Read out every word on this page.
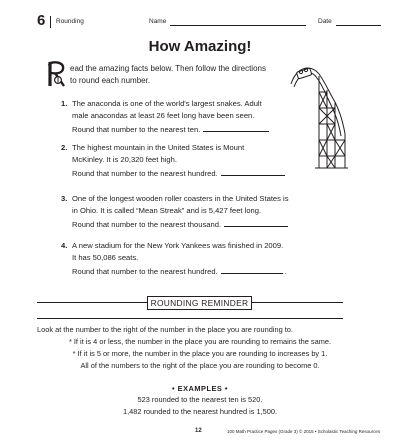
6 Rounding	Name	Date
How Amazing!
ead the amazing facts below. Then follow the directions
to round each number.
1. The anaconda is one of the world's largest snakes. Adult
male anacondas at least 26 feet long have been seen.
Round that number to the nearest ten.
2. The highest mountain in the United States is Mount
McKinley. It is 20,320 feet high.
Round that number to the nearest hundred.
3. One of the longest wooden roller coasters in the United States is
in Ohio. It is called “Mean Streak” and is 5,427 feet long.
Round that number to the nearest thousand.
4. A new stadium for the New York Yankees was finished in 2009.
It has 50,086 seats.
Round that number to the nearest hundred.	.
ROUNDING REMINDER
Look at the number to the right of the number in the place you are rounding to.
* If it is 4 or less, the number in the place you are rounding to remains the same.
* If it is 5 or more, the number in the place you are rounding to increases by 1.
All of the numbers to the right of the place you are rounding to become 0.
• EXAMPLES •
523 rounded to the nearest ten is 520.
1,482 rounded to the nearest hundred is 1,500.
12	100 Math Practice Pages (Grade 3) © 2015 • Scholastic Teaching Resources
